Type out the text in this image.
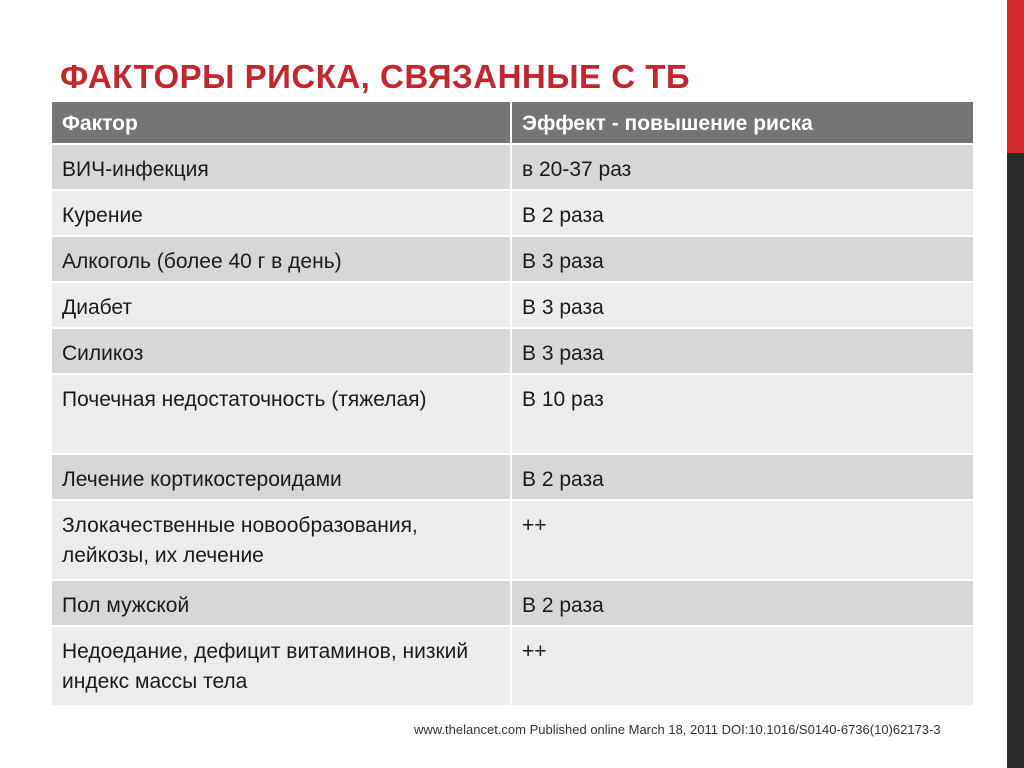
ФАКТОРЫ РИСКА, СВЯЗАННЫЕ С ТБ
Фактор	Эффект - повышение риска
ВИЧ-инфекция	в 20-37 раз
Курение	В 2 раза
Алкоголь (более 40 г в день)	В 3 раза
Диабет	В 3 раза
Силикоз	В 3 раза
Почечная недостаточность (тяжелая)	В 10 раз
Лечение кортикостероидами	В 2 раза
Злокачественные новообразования, лейкозы, их лечение	++
Пол мужской	В 2 раза
Недоедание, дефицит витаминов, низкий индекс массы тела	++
www.thelancet.com Published online March 18, 2011 DOI:10.1016/S0140-6736(10)62173-3
